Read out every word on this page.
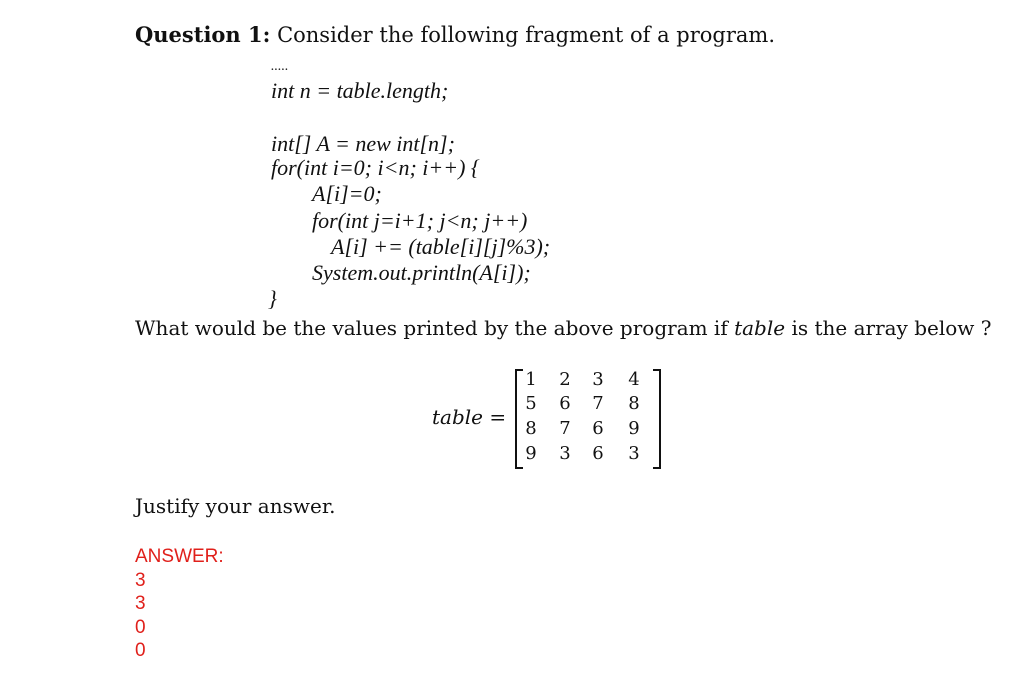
Question 1: Consider the following fragment of a program.
.....
int n = table.length;
int[] A = new int[n];
for(int i=0; i<n; i++) {
A[i]=0;
for(int j=i+1; j<n; j++)
A[i] += (table[i][j]%3);
System.out.println(A[i]);
}
What would be the values printed by the above program if table is the array below ?
table =
1	2	3	4
5	6	7	8
8	7	6	9
9	3	6	3
Justify your answer.
ANSWER:
3
3
0
0
